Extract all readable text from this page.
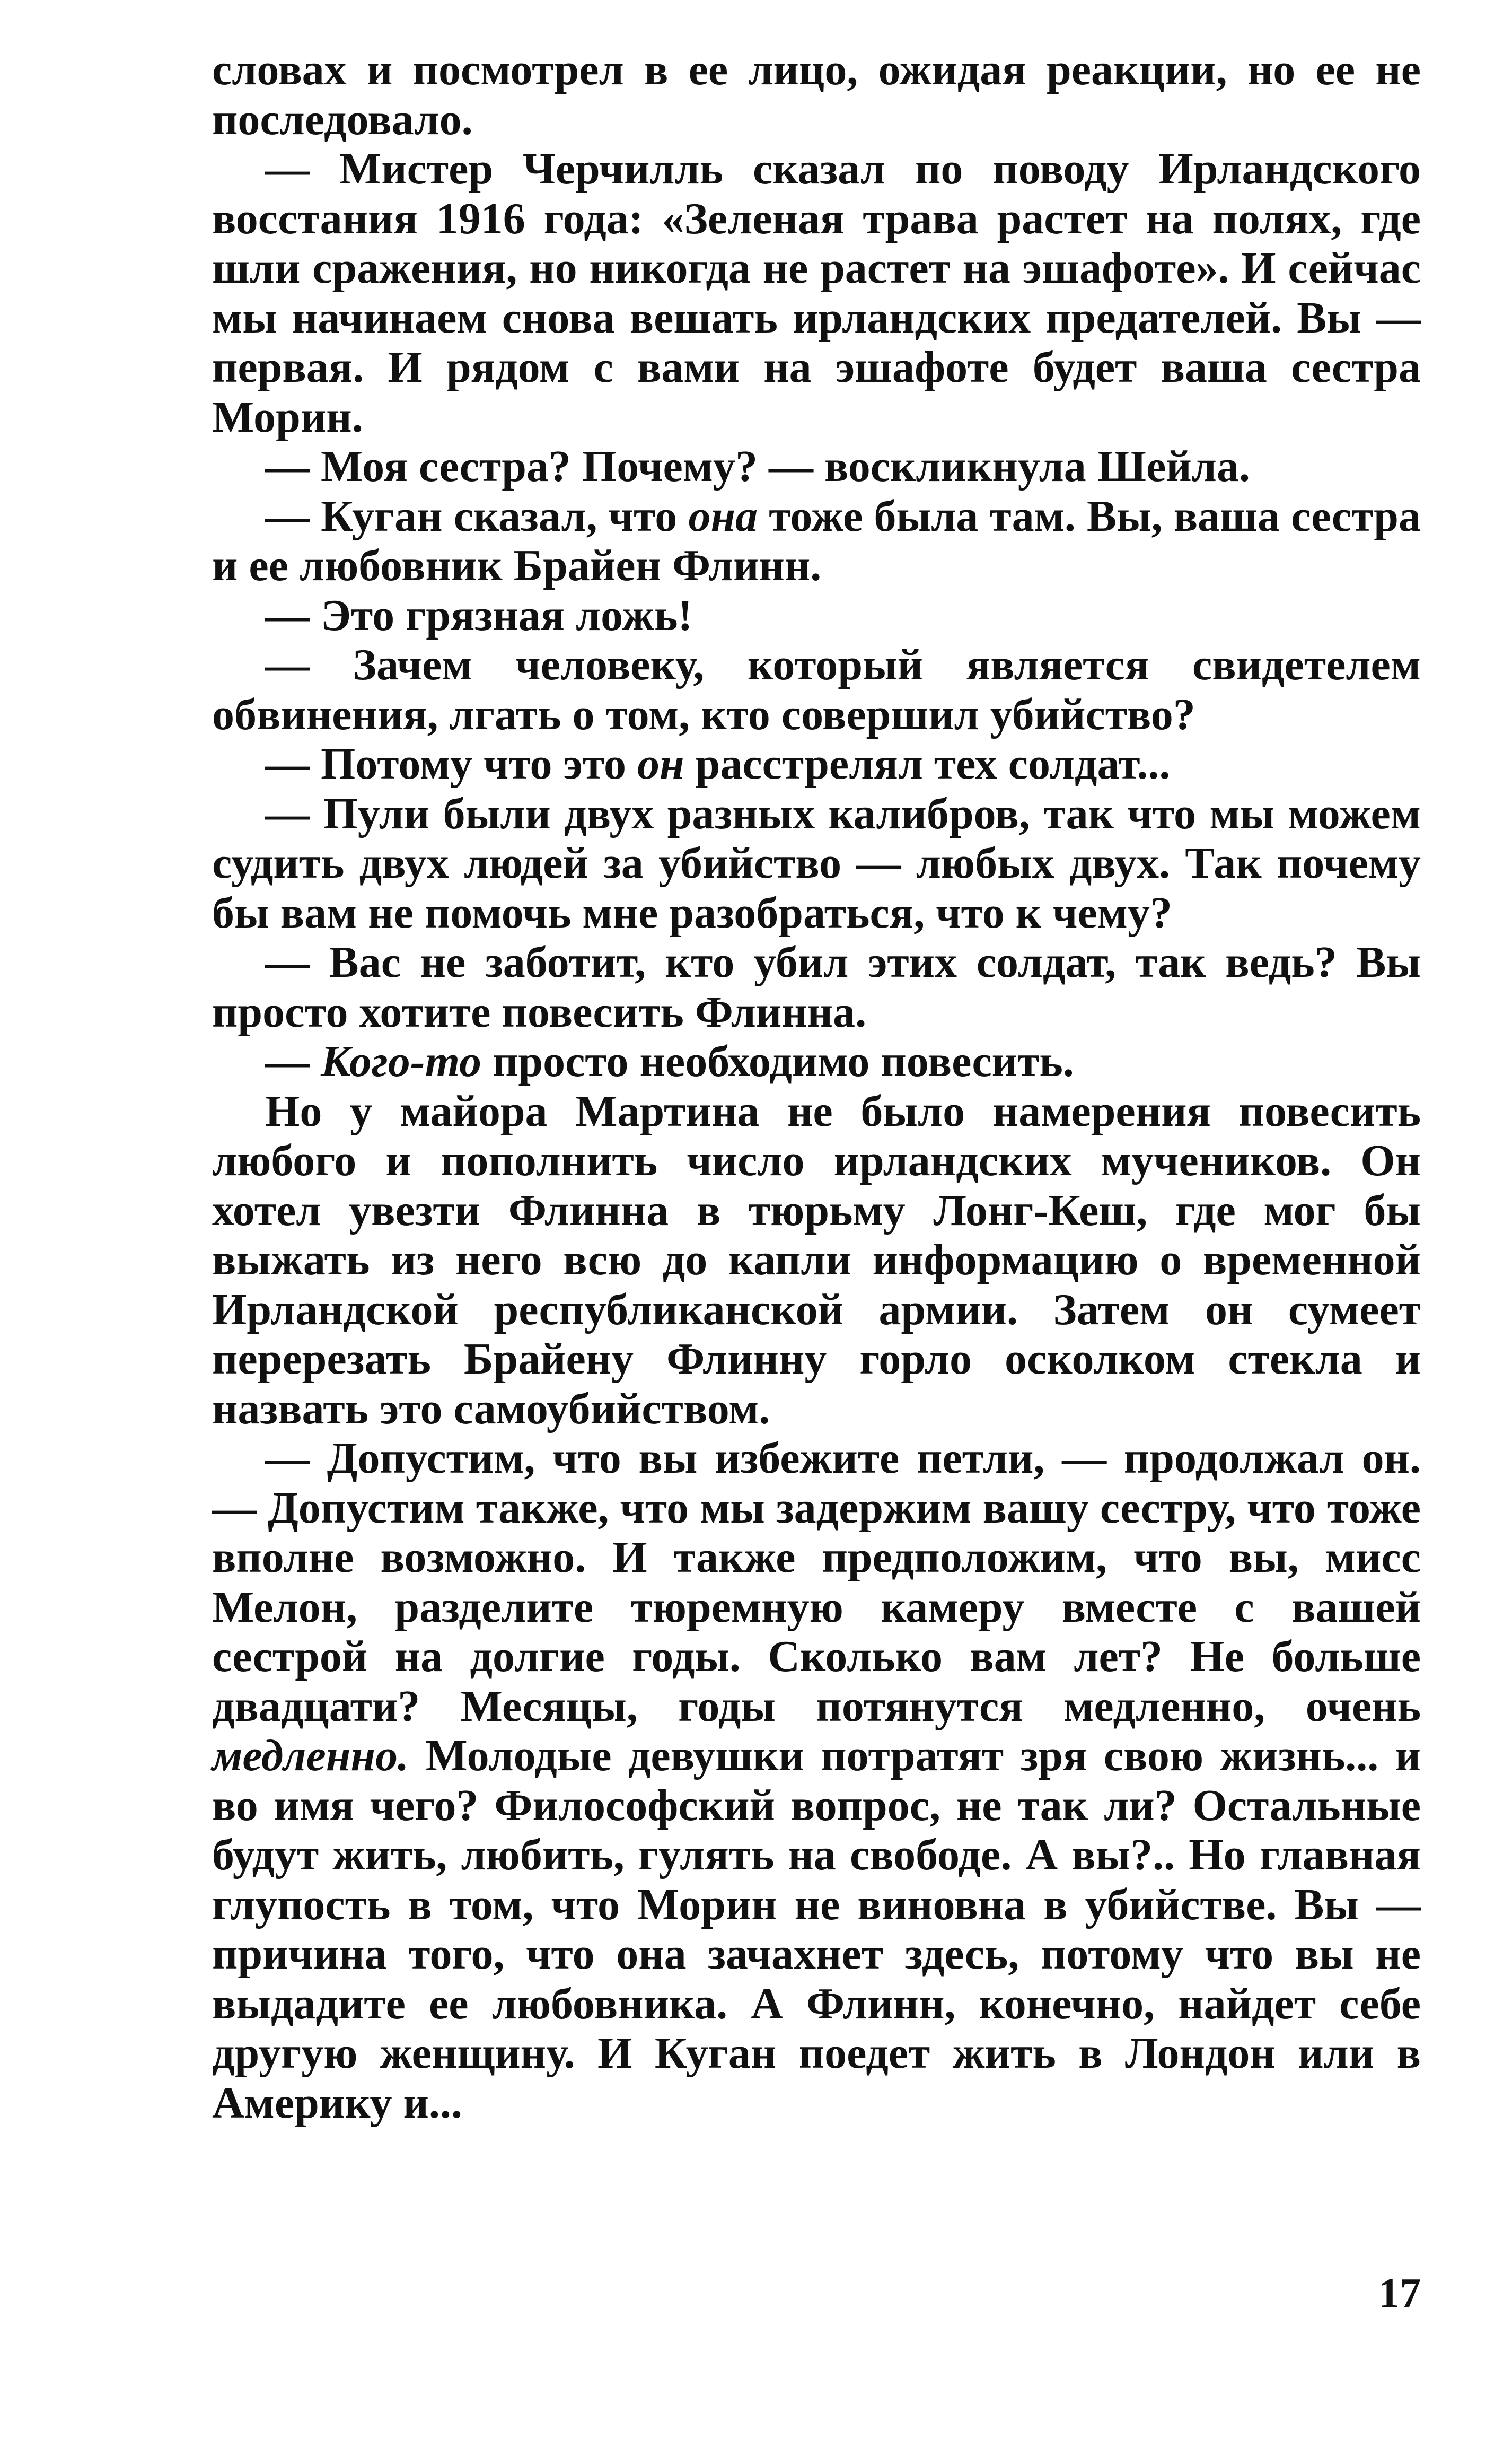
словах и посмотрел в ее лицо, ожидая реакции, но ее не последовало.

— Мистер Черчилль сказал по поводу Ирландского восстания 1916 года: «Зеленая трава растет на полях, где шли сражения, но никогда не растет на эшафоте». И сейчас мы начинаем снова вешать ирландских предателей. Вы — первая. И рядом с вами на эшафоте будет ваша сестра Морин.

— Моя сестра? Почему? — воскликнула Шейла.

— Куган сказал, что она тоже была там. Вы, ваша сестра и ее любовник Брайен Флинн.

— Это грязная ложь!

— Зачем человеку, который является свидетелем обвинения, лгать о том, кто совершил убийство?

— Потому что это он расстрелял тех солдат...

— Пули были двух разных калибров, так что мы можем судить двух людей за убийство — любых двух. Так почему бы вам не помочь мне разобраться, что к чему?

— Вас не заботит, кто убил этих солдат, так ведь? Вы просто хотите повесить Флинна.

— Кого-то просто необходимо повесить.

Но у майора Мартина не было намерения повесить любого и пополнить число ирландских мучеников. Он хотел увезти Флинна в тюрьму Лонг-Кеш, где мог бы выжать из него всю до капли информацию о временной Ирландской республиканской армии. Затем он сумеет перерезать Брайену Флинну горло осколком стекла и назвать это самоубийством.

— Допустим, что вы избежите петли, — продолжал он. — Допустим также, что мы задержим вашу сестру, что тоже вполне возможно. И также предположим, что вы, мисс Мелон, разделите тюремную камеру вместе с вашей сестрой на долгие годы. Сколько вам лет? Не больше двадцати? Месяцы, годы потянутся медленно, очень медленно. Молодые девушки потратят зря свою жизнь... и во имя чего? Философский вопрос, не так ли? Остальные будут жить, любить, гулять на свободе. А вы?.. Но главная глупость в том, что Морин не виновна в убийстве. Вы — причина того, что она зачахнет здесь, потому что вы не выдадите ее любовника. А Флинн, конечно, найдет себе другую женщину. И Куган поедет жить в Лондон или в Америку и...

17
